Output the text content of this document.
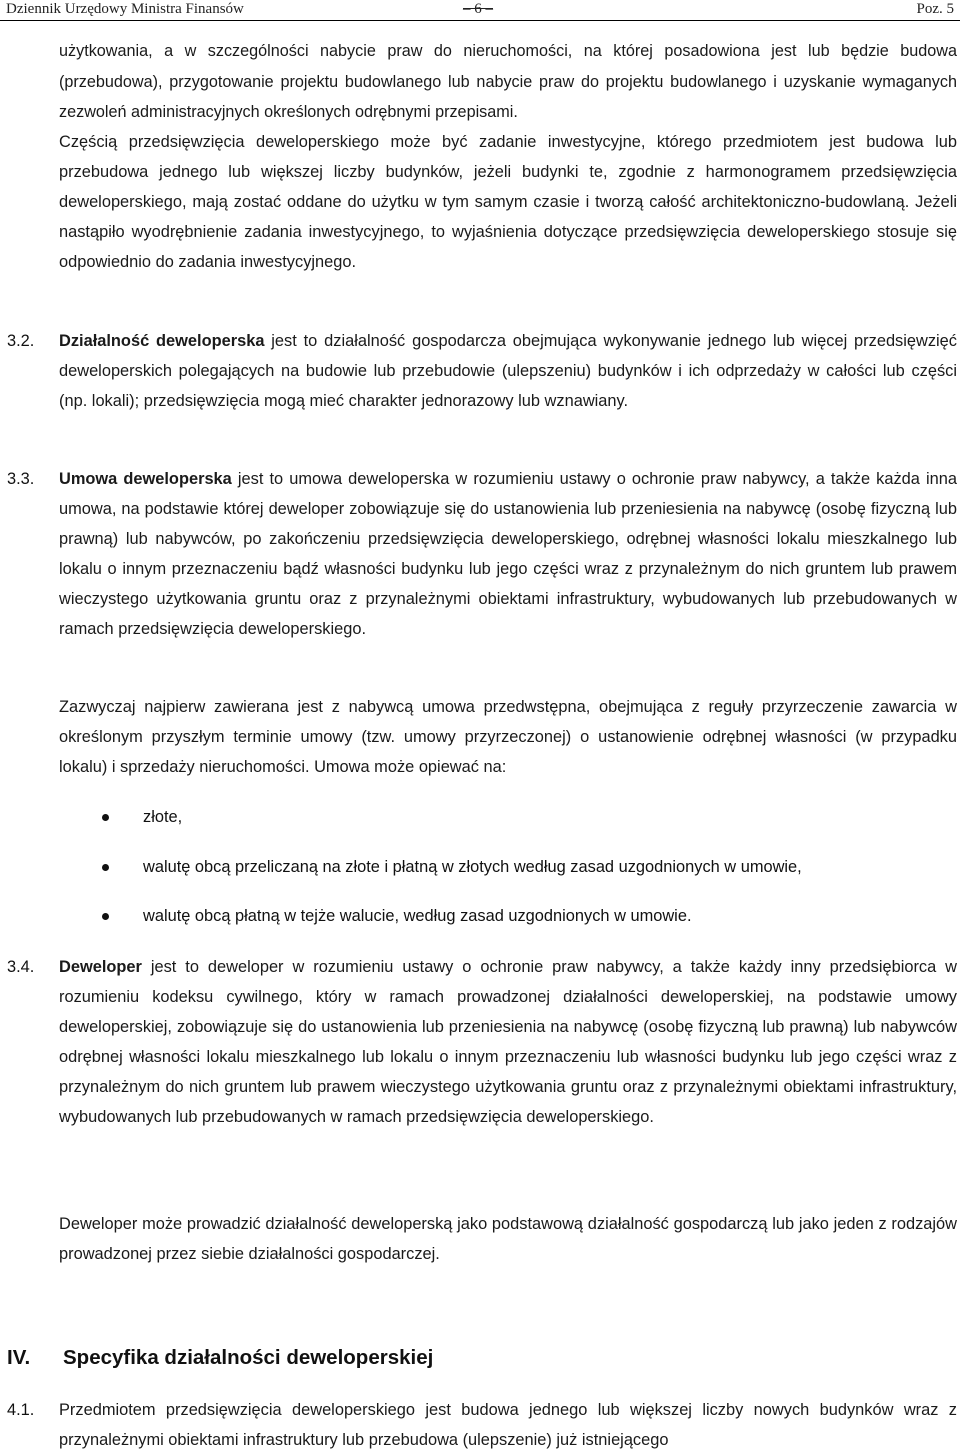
Dziennik Urzędowy Ministra Finansów	– 6 –	Poz. 5

użytkowania, a w szczególności nabycie praw do nieruchomości, na której posadowiona jest lub będzie budowa (przebudowa), przygotowanie projektu budowlanego lub nabycie praw do projektu budowlanego i uzyskanie wymaganych zezwoleń administracyjnych określonych odrębnymi przepisami.

Częścią przedsięwzięcia deweloperskiego może być zadanie inwestycyjne, którego przedmiotem jest budowa lub przebudowa jednego lub większej liczby budynków, jeżeli budynki te, zgodnie z harmonogramem przedsięwzięcia deweloperskiego, mają zostać oddane do użytku w tym samym czasie i tworzą całość architektoniczno-budowlaną. Jeżeli nastąpiło wyodrębnienie zadania inwestycyjnego, to wyjaśnienia dotyczące przedsięwzięcia deweloperskiego stosuje się odpowiednio do zadania inwestycyjnego.

3.2. Działalność deweloperska jest to działalność gospodarcza obejmująca wykonywanie jednego lub więcej przedsięwzięć deweloperskich polegających na budowie lub przebudowie (ulepszeniu) budynków i ich odprzedaży w całości lub części (np. lokali); przedsięwzięcia mogą mieć charakter jednorazowy lub wznawiany.

3.3. Umowa deweloperska jest to umowa deweloperska w rozumieniu ustawy o ochronie praw nabywcy, a także każda inna umowa, na podstawie której deweloper zobowiązuje się do ustanowienia lub przeniesienia na nabywcę (osobę fizyczną lub prawną) lub nabywców, po zakończeniu przedsięwzięcia deweloperskiego, odrębnej własności lokalu mieszkalnego lub lokalu o innym przeznaczeniu bądź własności budynku lub jego części wraz z przynależnym do nich gruntem lub prawem wieczystego użytkowania gruntu oraz z przynależnymi obiektami infrastruktury, wybudowanych lub przebudowanych w ramach przedsięwzięcia deweloperskiego.

Zazwyczaj najpierw zawierana jest z nabywcą umowa przedwstępna, obejmująca z reguły przyrzeczenie zawarcia w określonym przyszłym terminie umowy (tzw. umowy przyrzeczonej) o ustanowienie odrębnej własności (w przypadku lokalu) i sprzedaży nieruchomości. Umowa może opiewać na:

złote,
walutę obcą przeliczaną na złote i płatną w złotych według zasad uzgodnionych w umowie,
walutę obcą płatną w tejże walucie, według zasad uzgodnionych w umowie.
3.4. Deweloper jest to deweloper w rozumieniu ustawy o ochronie praw nabywcy, a także każdy inny przedsiębiorca w rozumieniu kodeksu cywilnego, który w ramach prowadzonej działalności deweloperskiej, na podstawie umowy deweloperskiej, zobowiązuje się do ustanowienia lub przeniesienia na nabywcę (osobę fizyczną lub prawną) lub nabywców odrębnej własności lokalu mieszkalnego lub lokalu o innym przeznaczeniu lub własności budynku lub jego części wraz z przynależnym do nich gruntem lub prawem wieczystego użytkowania gruntu oraz z przynależnymi obiektami infrastruktury, wybudowanych lub przebudowanych w ramach przedsięwzięcia deweloperskiego.

Deweloper może prowadzić działalność deweloperską jako podstawową działalność gospodarczą lub jako jeden z rodzajów prowadzonej przez siebie działalności gospodarczej.

IV. Specyfika działalności deweloperskiej
4.1. Przedmiotem przedsięwzięcia deweloperskiego jest budowa jednego lub większej liczby nowych budynków wraz z przynależnymi obiektami infrastruktury lub przebudowa (ulepszenie) już istniejącego
